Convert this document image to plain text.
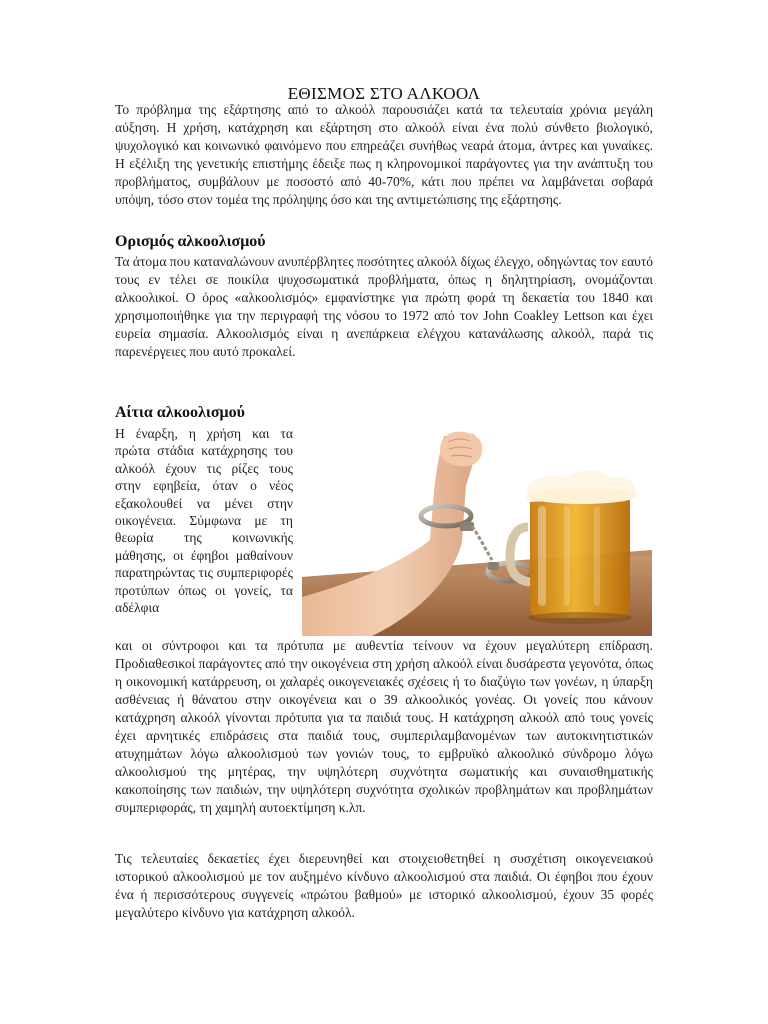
ΕΘΙΣΜΟΣ ΣΤΟ ΑΛΚΟΟΛ

Το πρόβλημα της εξάρτησης από το αλκοόλ παρουσιάζει κατά τα τελευταία χρόνια μεγάλη αύξηση. Η χρήση, κατάχρηση και εξάρτηση στο αλκοόλ είναι ένα πολύ σύνθετο βιολογικό, ψυχολογικό και κοινωνικό φαινόμενο που επηρεάζει συνήθως νεαρά άτομα, άντρες και γυναίκες. Η εξέλιξη της γενετικής επιστήμης έδειξε πως η κληρονομικοί παράγοντες για την ανάπτυξη του προβλήματος, συμβάλουν με ποσοστό από 40-70%, κάτι που πρέπει να λαμβάνεται σοβαρά υπόψη, τόσο στον τομέα της πρόληψης όσο και της αντιμετώπισης της εξάρτησης.

Ορισμός αλκοολισμού

Τα άτομα που καταναλώνουν ανυπέρβλητες ποσότητες αλκοόλ δίχως έλεγχο, οδηγώντας τον εαυτό τους εν τέλει σε ποικίλα ψυχοσωματικά προβλήματα, όπως η δηλητηρίαση, ονομάζονται αλκοολικοί. Ο όρος «αλκοολισμός» εμφανίστηκε για πρώτη φορά τη δεκαετία του 1840 και χρησιμοποιήθηκε για την περιγραφή της νόσου το 1972 από τον John Coakley Lettson και έχει ευρεία σημασία. Αλκοολισμός είναι η ανεπάρκεια ελέγχου κατανάλωσης αλκοόλ, παρά τις παρενέργειες που αυτό προκαλεί.

Αίτια αλκοολισμού

Η έναρξη, η χρήση και τα πρώτα στάδια κατάχρησης του αλκοόλ έχουν τις ρίζες τους στην εφηβεία, όταν ο νέος εξακολουθεί να μένει στην οικογένεια. Σύμφωνα με τη θεωρία της κοινωνικής μάθησης, οι έφηβοι μαθαίνουν παρατηρώντας τις συμπεριφορές προτύπων όπως οι γονείς, τα αδέλφια

και οι σύντροφοι και τα πρότυπα με αυθεντία τείνουν να έχουν μεγαλύτερη επίδραση. Προδιαθεσικοί παράγοντες από την οικογένεια στη χρήση αλκοόλ είναι δυσάρεστα γεγονότα, όπως η οικονομική κατάρρευση, οι χαλαρές οικογενειακές σχέσεις ή το διαζύγιο των γονέων, η ύπαρξη ασθένειας ή θάνατου στην οικογένεια και ο 39 αλκοολικός γονέας. Οι γονείς που κάνουν κατάχρηση αλκοόλ γίνονται πρότυπα για τα παιδιά τους. Η κατάχρηση αλκοόλ από τους γονείς έχει αρνητικές επιδράσεις στα παιδιά τους, συμπεριλαμβανομένων των αυτοκινητιστικών ατυχημάτων λόγω αλκοολισμού των γονιών τους, το εμβρυϊκό αλκοολικό σύνδρομο λόγω αλκοολισμού της μητέρας, την υψηλότερη συχνότητα σωματικής και συναισθηματικής κακοποίησης των παιδιών, την υψηλότερη συχνότητα σχολικών προβλημάτων και προβλημάτων συμπεριφοράς, τη χαμηλή αυτοεκτίμηση κ.λπ.

Τις τελευταίες δεκαετίες έχει διερευνηθεί και στοιχειοθετηθεί η συσχέτιση οικογενειακού ιστορικού αλκοολισμού με τον αυξημένο κίνδυνο αλκοολισμού στα παιδιά. Οι έφηβοι που έχουν ένα ή περισσότερους συγγενείς «πρώτου βαθμού» με ιστορικό αλκοολισμού, έχουν 35 φορές μεγαλύτερο κίνδυνο για κατάχρηση αλκοόλ.
